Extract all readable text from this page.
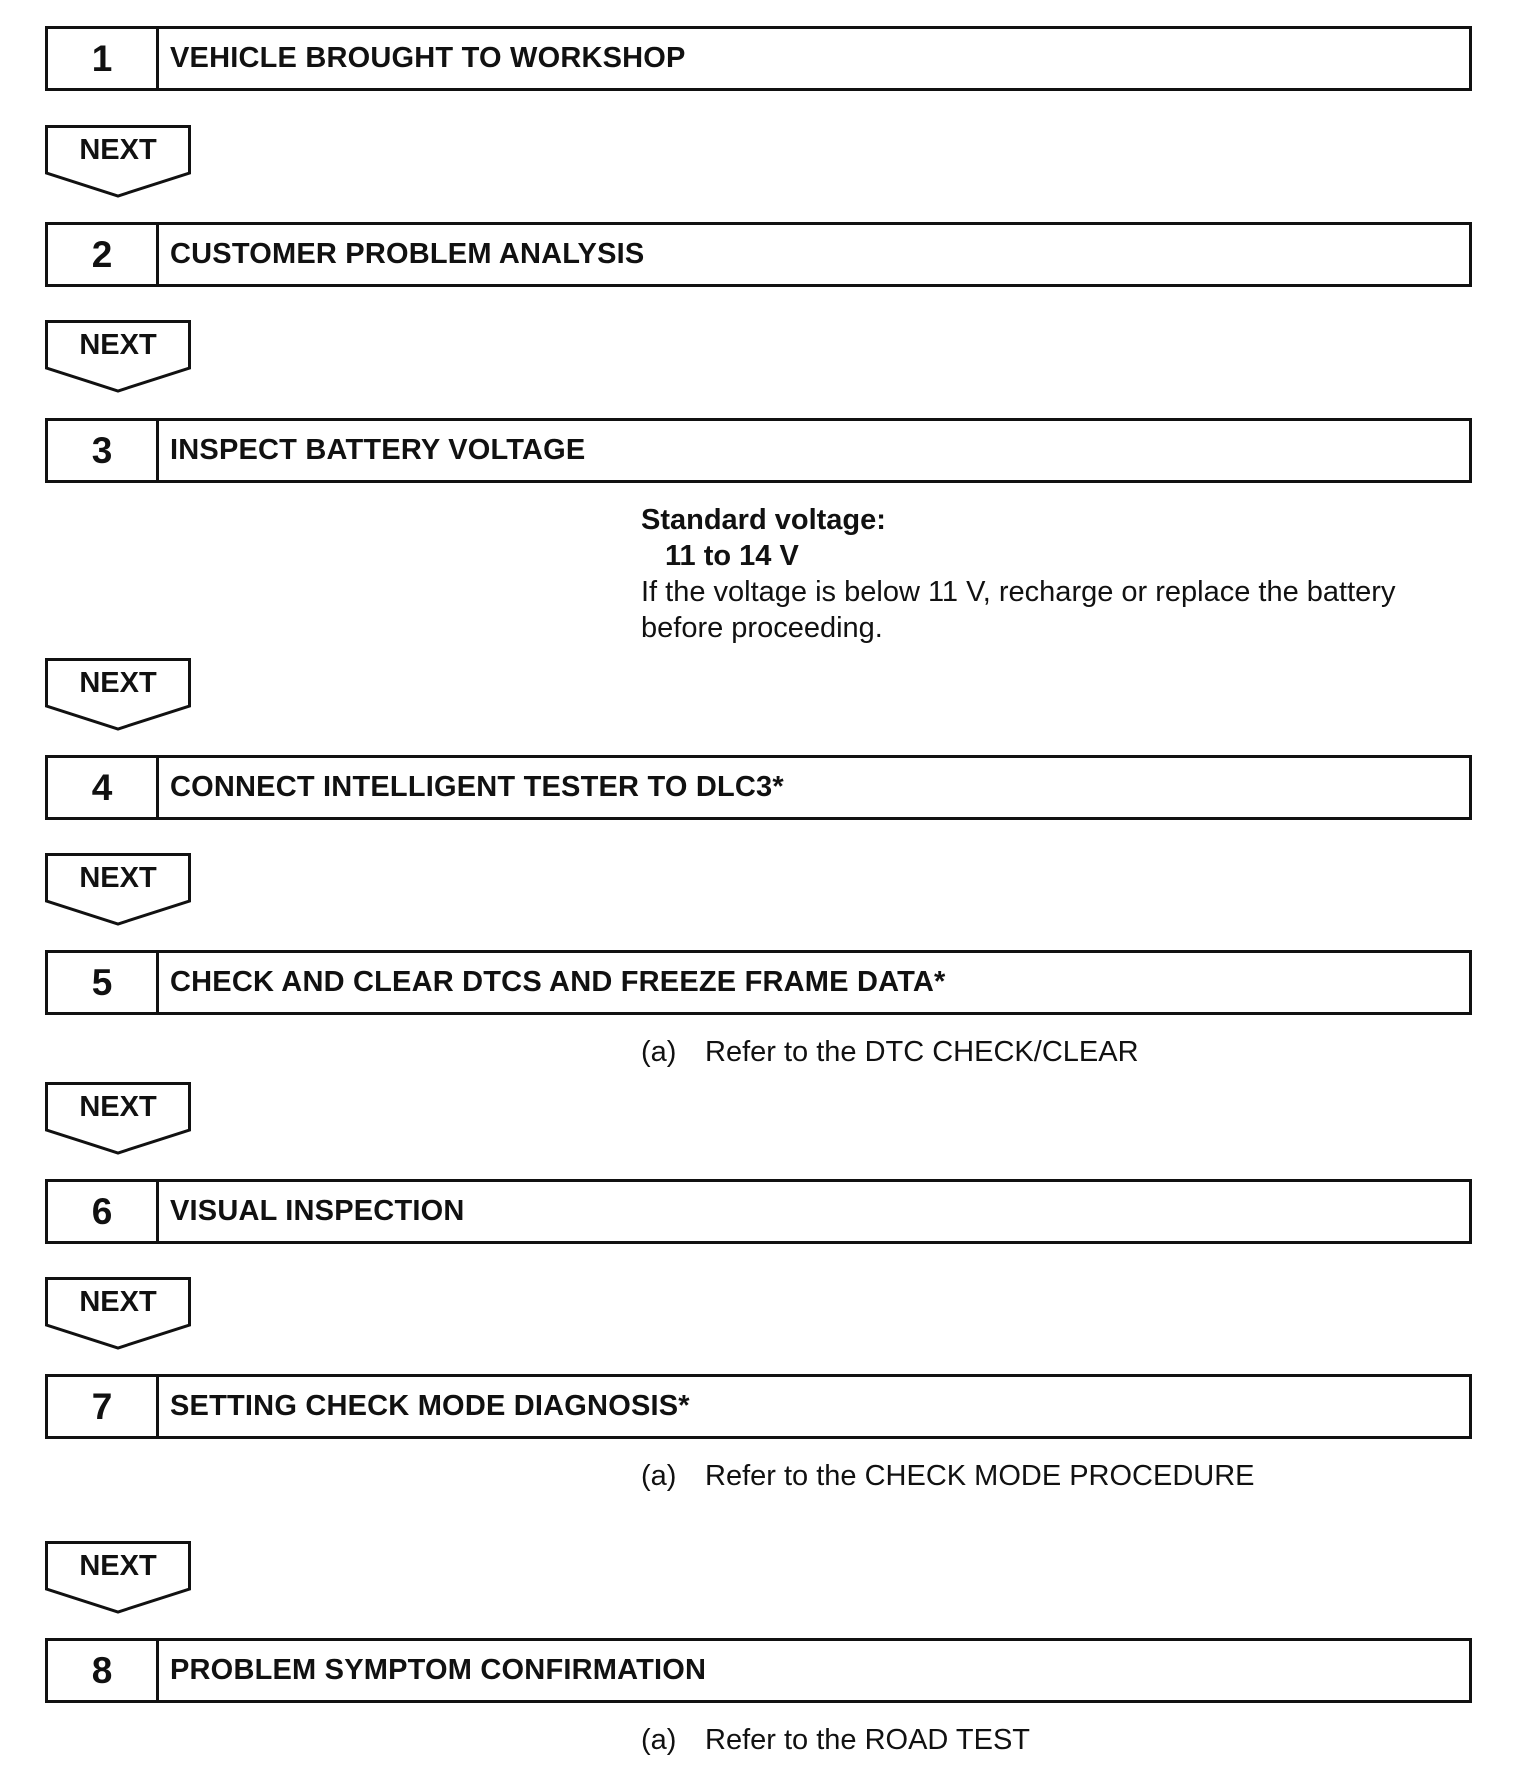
1	VEHICLE BROUGHT TO WORKSHOP
NEXT
2	CUSTOMER PROBLEM ANALYSIS
NEXT
3	INSPECT BATTERY VOLTAGE
Standard voltage:
11 to 14 V
If the voltage is below 11 V, recharge or replace the battery
before proceeding.
NEXT
4	CONNECT INTELLIGENT TESTER TO DLC3*
NEXT
5	CHECK AND CLEAR DTCS AND FREEZE FRAME DATA*
(a) Refer to the DTC CHECK/CLEAR
NEXT
6	VISUAL INSPECTION
NEXT
7	SETTING CHECK MODE DIAGNOSIS*
(a) Refer to the CHECK MODE PROCEDURE
NEXT
8	PROBLEM SYMPTOM CONFIRMATION
(a) Refer to the ROAD TEST
